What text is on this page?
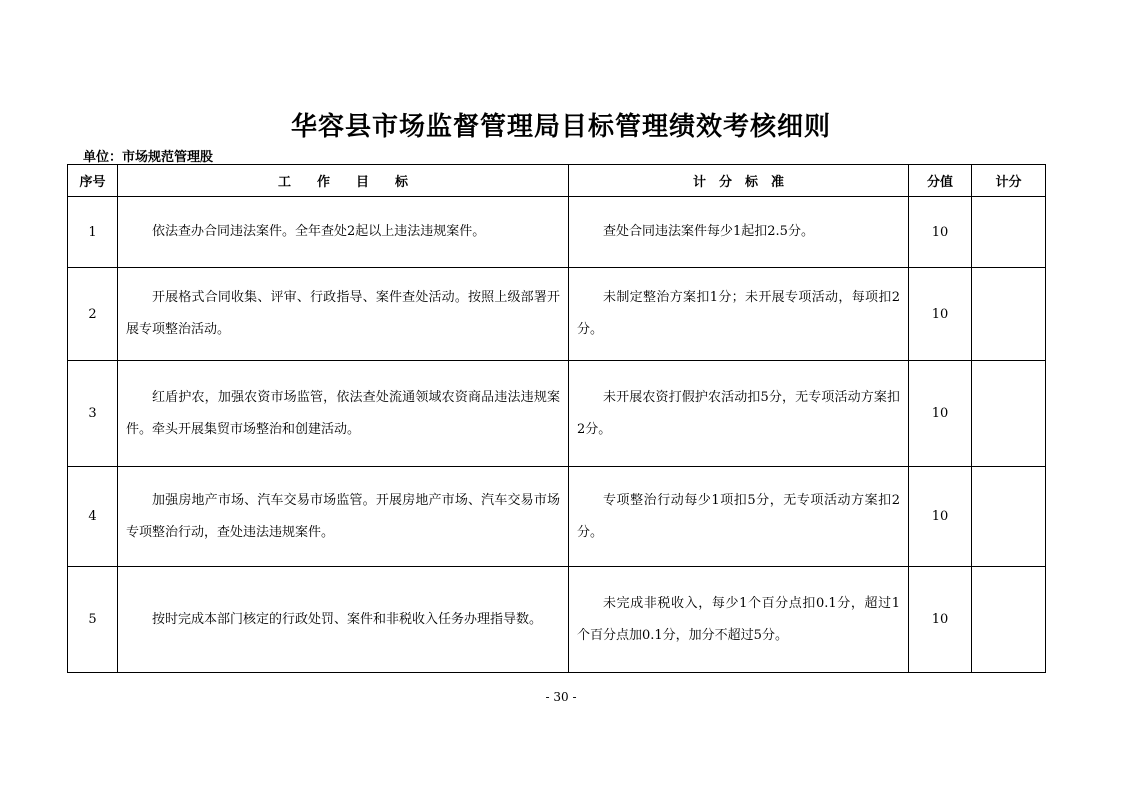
华容县市场监督管理局目标管理绩效考核细则
单位：市场规范管理股
序号	工　　作　　目　　标	计　分　标　准	分值	计分
1	依法查办合同违法案件。全年查处2起以上违法违规案件。	查处合同违法案件每少1起扣2.5分。	10	
2	开展格式合同收集、评审、行政指导、案件查处活动。按照上级部署开展专项整治活动。	未制定整治方案扣1分；未开展专项活动，每项扣2分。	10	
3	红盾护农，加强农资市场监管，依法查处流通领域农资商品违法违规案件。牵头开展集贸市场整治和创建活动。	未开展农资打假护农活动扣5分，无专项活动方案扣2分。	10	
4	加强房地产市场、汽车交易市场监管。开展房地产市场、汽车交易市场专项整治行动，查处违法违规案件。	专项整治行动每少1项扣5分，无专项活动方案扣2分。	10	
5	按时完成本部门核定的行政处罚、案件和非税收入任务办理指导数。	未完成非税收入，每少1个百分点扣0.1分，超过1个百分点加0.1分，加分不超过5分。	10	
- 30 -
